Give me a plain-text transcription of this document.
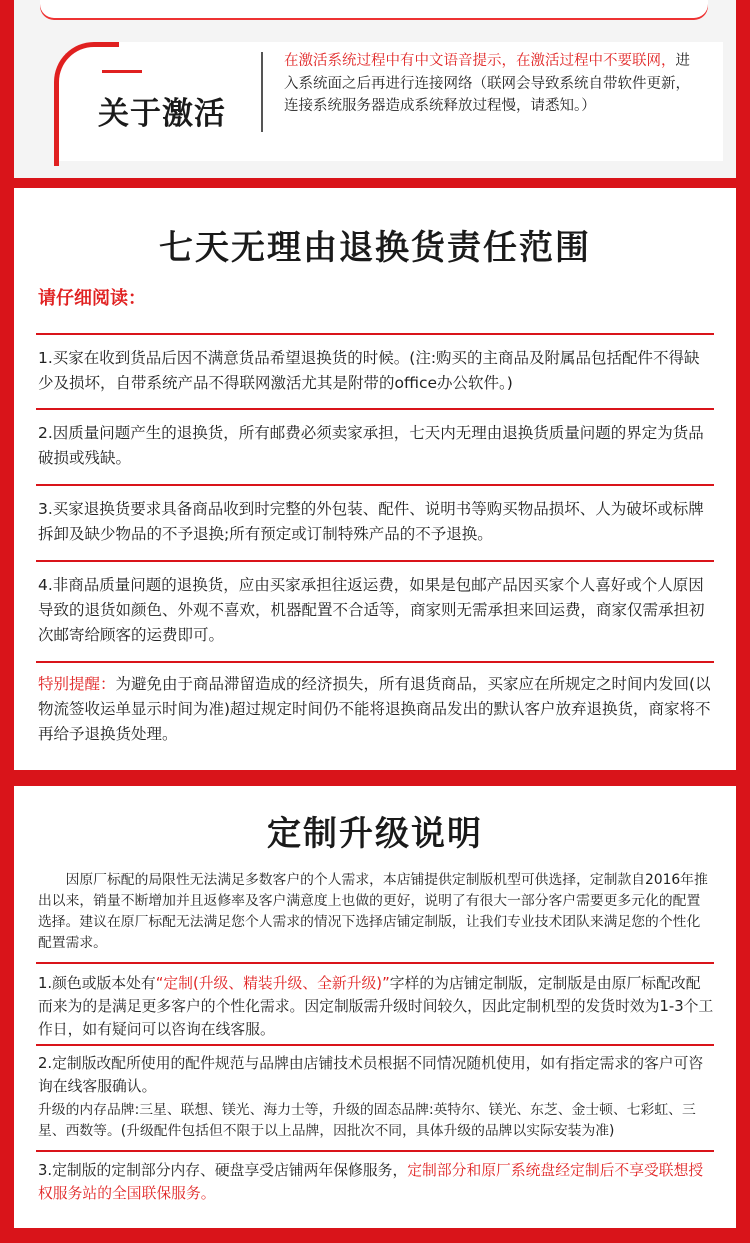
关于激活
在激活系统过程中有中文语音提示，在激活过程中不要联网，进入系统面之后再进行连接网络（联网会导致系统自带软件更新，连接系统服务器造成系统释放过程慢，请悉知。）
七天无理由退换货责任范围
请仔细阅读：
1.买家在收到货品后因不满意货品希望退换货的时候。(注:购买的主商品及附属品包括配件不得缺少及损坏，自带系统产品不得联网激活尤其是附带的office办公软件。)
2.因质量问题产生的退换货，所有邮费必须卖家承担，七天内无理由退换货质量问题的界定为货品破损或残缺。
3.买家退换货要求具备商品收到时完整的外包装、配件、说明书等购买物品损坏、人为破坏或标牌拆卸及缺少物品的不予退换;所有预定或订制特殊产品的不予退换。
4.非商品质量问题的退换货，应由买家承担往返运费，如果是包邮产品因买家个人喜好或个人原因导致的退货如颜色、外观不喜欢，机器配置不合适等，商家则无需承担来回运费，商家仅需承担初次邮寄给顾客的运费即可。
特别提醒：为避免由于商品滞留造成的经济损失，所有退货商品，买家应在所规定之时间内发回(以物流签收运单显示时间为准)超过规定时间仍不能将退换商品发出的默认客户放弃退换货，商家将不再给予退换货处理。
定制升级说明
因原厂标配的局限性无法满足多数客户的个人需求，本店铺提供定制版机型可供选择，定制款自2016年推出以来，销量不断增加并且返修率及客户满意度上也做的更好，说明了有很大一部分客户需要更多元化的配置选择。建议在原厂标配无法满足您个人需求的情况下选择店铺定制版，让我们专业技术团队来满足您的个性化配置需求。
1.颜色或版本处有“定制(升级、精装升级、全新升级)”字样的为店铺定制版，定制版是由原厂标配改配而来为的是满足更多客户的个性化需求。因定制版需升级时间较久，因此定制机型的发货时效为1-3个工作日，如有疑问可以咨询在线客服。
2.定制版改配所使用的配件规范与品牌由店铺技术员根据不同情况随机使用，如有指定需求的客户可咨询在线客服确认。
升级的内存品牌:三星、联想、镁光、海力士等，升级的固态品牌:英特尔、镁光、东芝、金士顿、七彩虹、三星、西数等。(升级配件包括但不限于以上品牌，因批次不同，具体升级的品牌以实际安装为准)
3.定制版的定制部分内存、硬盘享受店铺两年保修服务，定制部分和原厂系统盘经定制后不享受联想授权服务站的全国联保服务。
